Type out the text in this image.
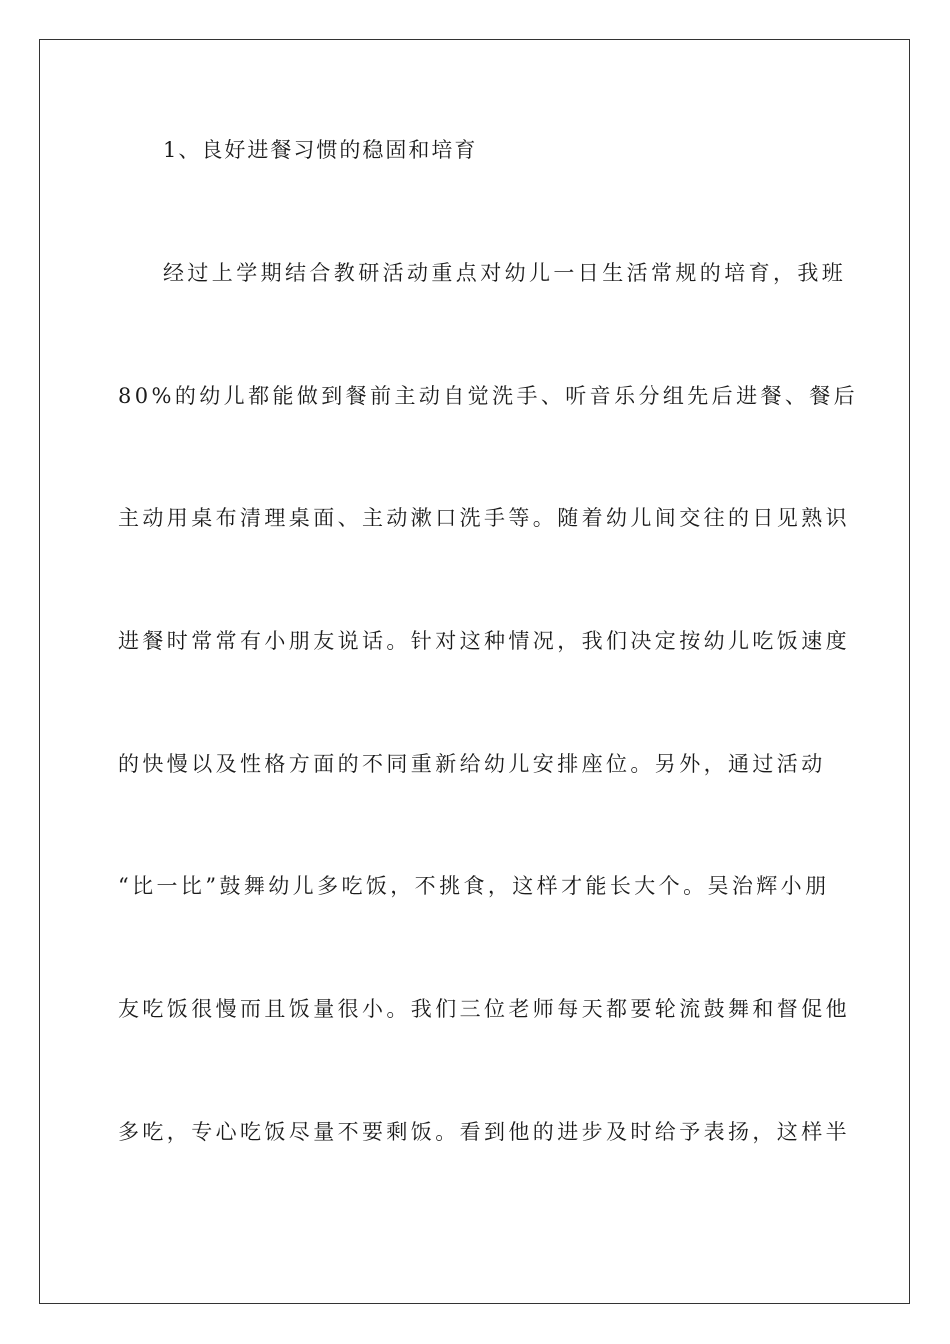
1、良好进餐习惯的稳固和培育
经过上学期结合教研活动重点对幼儿一日生活常规的培育，我班
80%的幼儿都能做到餐前主动自觉洗手、听音乐分组先后进餐、餐后
主动用桌布清理桌面、主动漱口洗手等。随着幼儿间交往的日见熟识
进餐时常常有小朋友说话。针对这种情况，我们决定按幼儿吃饭速度
的快慢以及性格方面的不同重新给幼儿安排座位。另外，通过活动
“比一比”鼓舞幼儿多吃饭，不挑食，这样才能长大个。吴治辉小朋
友吃饭很慢而且饭量很小。我们三位老师每天都要轮流鼓舞和督促他
多吃，专心吃饭尽量不要剩饭。看到他的进步及时给予表扬，这样半
